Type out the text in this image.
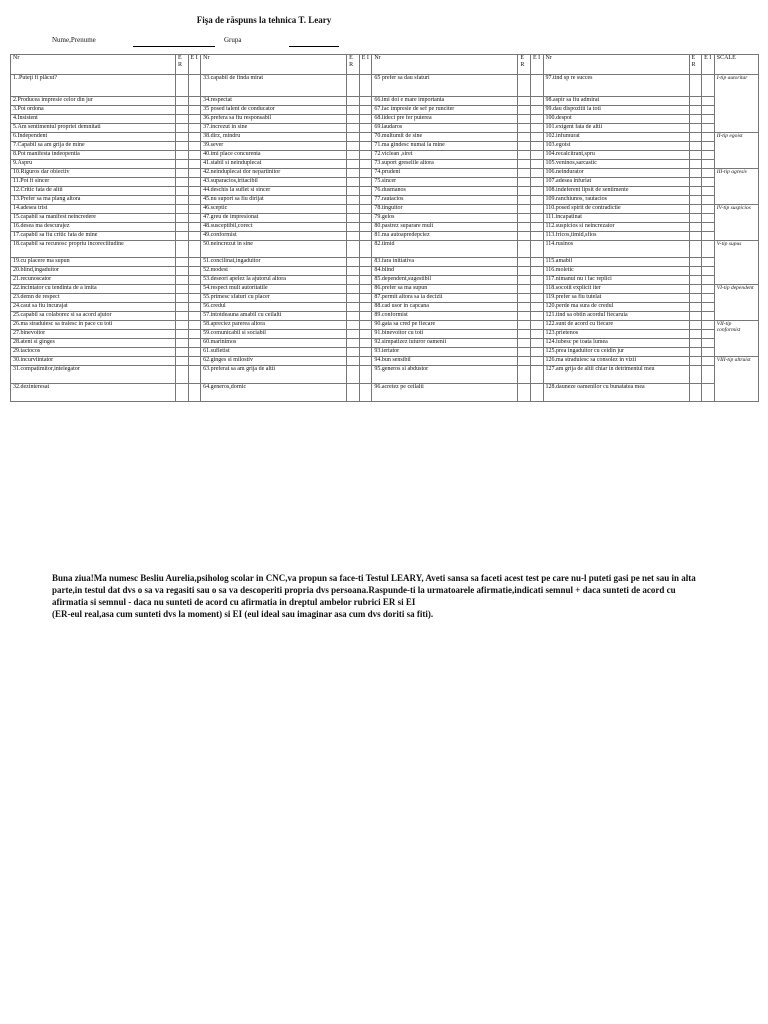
Fişa de răspuns la tehnica T. Leary
Nume,Prenume	Grupa
Nr	E R	E I	Nr	E R	E I	Nr	E R	E I	Nr	E R	E I	SCALE
1..Puteţi fi plăcut?			33.capabil de finda mirat			65 prefer sa dau sfaturi			97.tind sp re succes			I-tip autoritar
2.Producea impresie celor din jur			34.respectat			66.imi doi e mare importanta			98.aspir sa fiu admirat			
3.Pot ordona			35 posed talent de conducator			67.fac impresie de sef pe runciter			99.dau dispozitii la toti			
4.Insistent			36.prefera sa fiu responsabil			68.lideci pre fer puterea			100.despot			
5.Am sentimentul propriei demnitati			37.increzut in sine			69.laudaros			101.exigent fata de altii			
6.Independent			38.dirz, mindru			70.multumit de sine			102.infumurat			II-tip egoist
7.Capabil sa am grija de mine			39.sever			71.ma gindesc numai la mine			103.egoist			
8.Pot manifesta indeopentia			40.imi place concurenta			72.viclean ,siret			104.recalcitrant,spru			
9.Aspru			41.stabil si neinduplecat			73.suport greselile altora			105.veninos,sarcastic			
10.Riguros dar obiectiv			42.neinduplecat dor nepartinitor			74.prudent			106.neindurator			III-tip agresiv
11.Pot fi sincer			43.suparacios,iritacibil			75.sincer			107.adesea infuriat			
12.Critic fata de altii			44.deschis la suflet si sincer			76.dusmanos			108.indeferent lipsit de sentimente			
13.Prefer sa ma plang altora			45.nu suport sa fiu dirijat			77.rautacios			109.ranchiunos, rautacios			
14.adesea trist			46.sceptic			78.tinguitor			110.posed spirit de contradictie			IV-tip suspicios
15.capabil sa manifest neincredere			47.greu de impresionat			79.gelos			111.incapatinat			
16.desea ma descurajez			48.susceptibil,corect			80.pastrez suparare mult			112.suspicios si neincrezator			
17.capabil sa fiu critic fata de mine			49.conformist			81.ma autoapredepciez			113.fricos,timid,sfios			
18.capabil sa recunosc propriu incorectitudine			50.neincrezut in sine			82.timid			114.rusinos			V-tip supus
19.cu placere ma supun			51.concilinat,ingaduitor			83.fara initiativa			115.amabil			
20.blind,ingaduitor			52.modest			84.blind			116.moletic			
21.recunoscator			53.deseori apelez la ajutorul altora			85.dependent,sugestibil			117.nimanui nu i fac replici			
22.incintator cu tendinta de a imita			54.respect mult autoritatile			86.prefer sa ma supun			118.socotit explicit iter			VI-tip dependent
23.demn de respect			55.primesc sfaturi cu placer			87.permit altora sa ia decizii			119.prefer sa fiu tutelat			
24.caut sa fiu incurajat			56.credul			88.cad usor in capcana			120.perde ma sura de credul			
25.capabil sa colaborez si sa acord ajutor			57.intotdeauna amabil cu ceilalti			89.conformist			121.tind sa obtin acordul fiecaruia			
26.ma straduiesc sa traiesc in pace cu toti			58.apreciez parerea altora			90.gata sa cred pe fiecare			122.sunt de acord cu fiecare			VII-tip conformist
27.binevoitor			59.comunicabil si sociabil			91.binevoitor cu toti			123.prietenos			
28.atent si ginges			60.marinimos			92.simpatizez tuturor oamenii			124.iubesc pe toata lumea			
29.tactocos			61.sufletist			93.iertator			125.prea ingaduitor cu ceidin jur			
30.incurviintator			62.ginges si milostiv			94.bun sensibil			126.ma straduiesc sa consolez in vizii			VIII-tip altruist
31.compatimitor,intelegator			63.preferat sa am grija de altii			95.generos si abdustor			127.am grija de altii chiar in detrimentul meu			
32.dezinteresat			64.generos,dornic			96.acretez pe ceilalti			128.dauneze oamenilor cu bunatatea mea			

Buna ziua!Ma numesc Besliu Aurelia,psiholog scolar in CNC,va propun sa face-ti Testul LEARY, Aveti sansa sa faceti acest test pe care nu-l puteti gasi pe net sau in alta parte,in testul dat dvs o sa va regasiti sau o sa va descoperiti propria dvs persoana.Raspunde-ti la urmatoarele afirmatie,indicati semnul + daca sunteti de acord cu afirmatia si semnul - daca nu sunteti de acord cu afirmatia in dreptul ambelor rubrici ER si EI

(ER-eul real,asa cum sunteti dvs la moment) si EI (eul ideal sau imaginar asa cum dvs doriti sa fiti).
